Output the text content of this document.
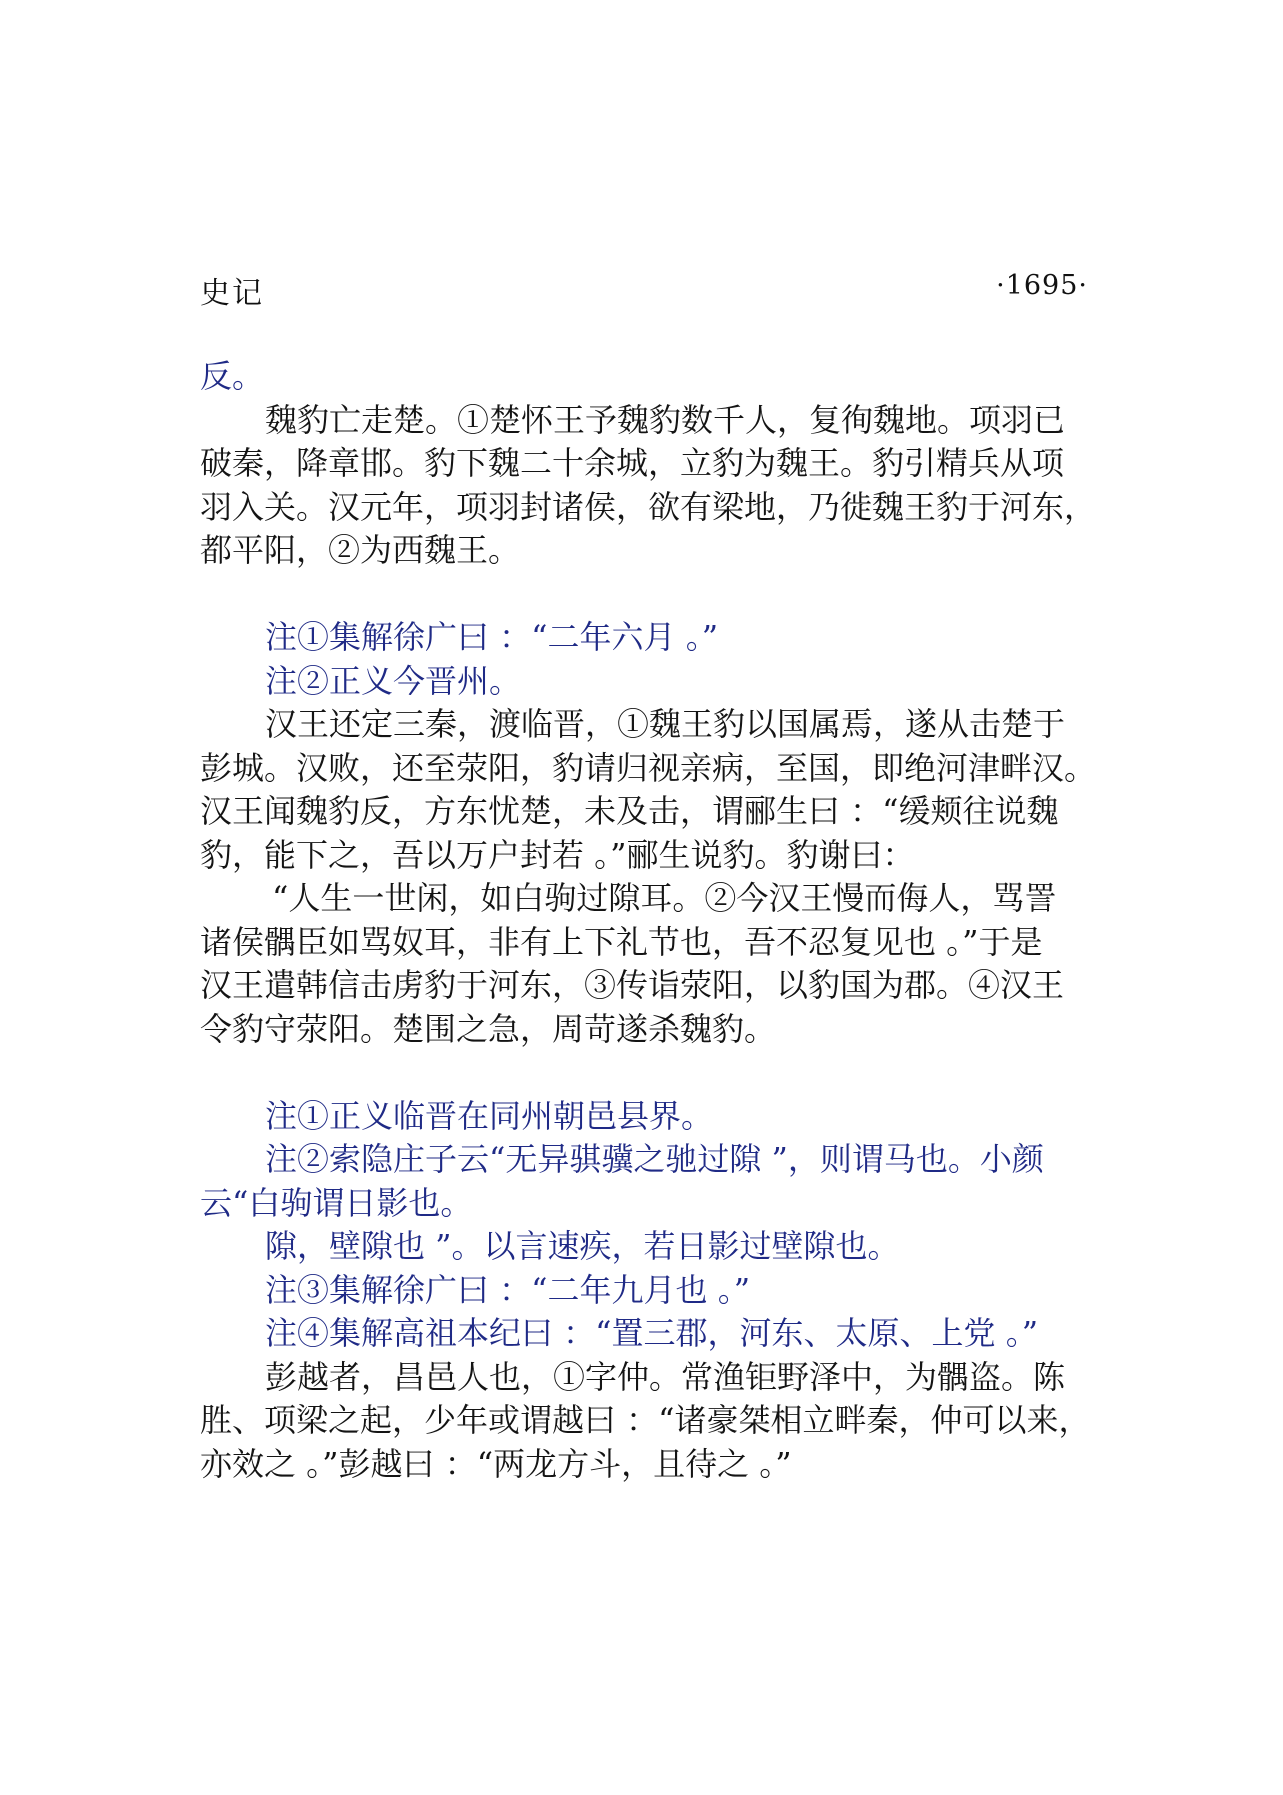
史记	·1695·
反。
魏豹亡走楚。①楚怀王予魏豹数千人，复徇魏地。项羽已
破秦，降章邯。豹下魏二十余城，立豹为魏王。豹引精兵从项
羽入关。汉元年，项羽封诸侯，欲有梁地，乃徙魏王豹于河东，
都平阳，②为西魏王。
注①集解徐广曰 ：“二年六月 。”
注②正义今晋州。
汉王还定三秦，渡临晋，①魏王豹以国属焉，遂从击楚于
彭城。汉败，还至荥阳，豹请归视亲病，至国，即绝河津畔汉。
汉王闻魏豹反，方东忧楚，未及击，谓郦生曰 ：“缓颊往说魏
豹，能下之，吾以万户封若 。”郦生说豹。豹谢曰：
“人生一世闲，如白驹过隙耳。②今汉王慢而侮人，骂詈
诸侯髃臣如骂奴耳，非有上下礼节也，吾不忍复见也 。”于是
汉王遣韩信击虏豹于河东，③传诣荥阳，以豹国为郡。④汉王
令豹守荥阳。楚围之急，周苛遂杀魏豹。
注①正义临晋在同州朝邑县界。
注②索隐庄子云“无异骐骥之驰过隙 ”，则谓马也。小颜
云“白驹谓日影也。
隙，壁隙也 ”。以言速疾，若日影过壁隙也。
注③集解徐广曰 ：“二年九月也 。”
注④集解高祖本纪曰 ：“置三郡，河东、太原、上党 。”
彭越者，昌邑人也，①字仲。常渔钜野泽中，为髃盗。陈
胜、项梁之起，少年或谓越曰 ：“诸豪桀相立畔秦，仲可以来，
亦效之 。”彭越曰 ：“两龙方斗，且待之 。”
